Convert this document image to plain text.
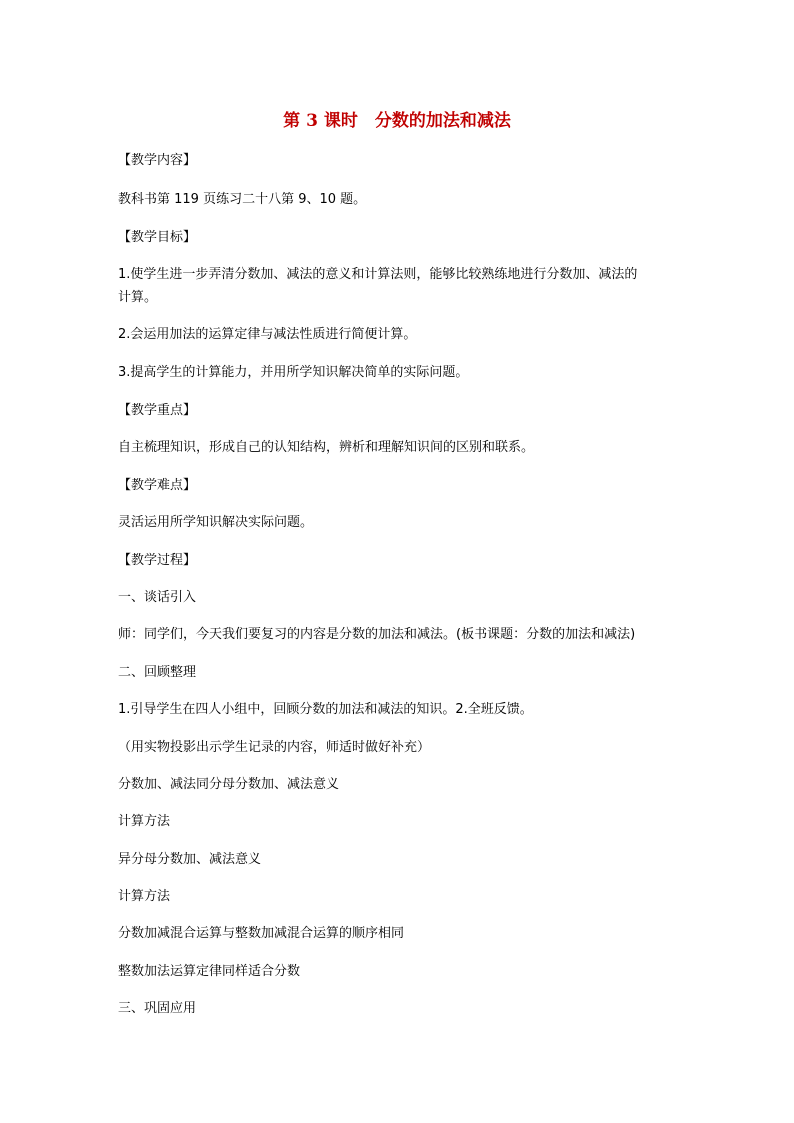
第 3 课时　分数的加法和减法
【教学内容】
教科书第 119 页练习二十八第 9、10 题。
【教学目标】
1.使学生进一步弄清分数加、减法的意义和计算法则，能够比较熟练地进行分数加、减法的
计算。
2.会运用加法的运算定律与减法性质进行简便计算。
3.提高学生的计算能力，并用所学知识解决简单的实际问题。
【教学重点】
自主梳理知识，形成自己的认知结构，辨析和理解知识间的区别和联系。
【教学难点】
灵活运用所学知识解决实际问题。
【教学过程】
一、谈话引入
师：同学们，今天我们要复习的内容是分数的加法和减法。(板书课题：分数的加法和减法)
二、回顾整理
1.引导学生在四人小组中，回顾分数的加法和减法的知识。2.全班反馈。
（用实物投影出示学生记录的内容，师适时做好补充）
分数加、减法同分母分数加、减法意义
计算方法
异分母分数加、减法意义
计算方法
分数加减混合运算与整数加减混合运算的顺序相同
整数加法运算定律同样适合分数
三、巩固应用
